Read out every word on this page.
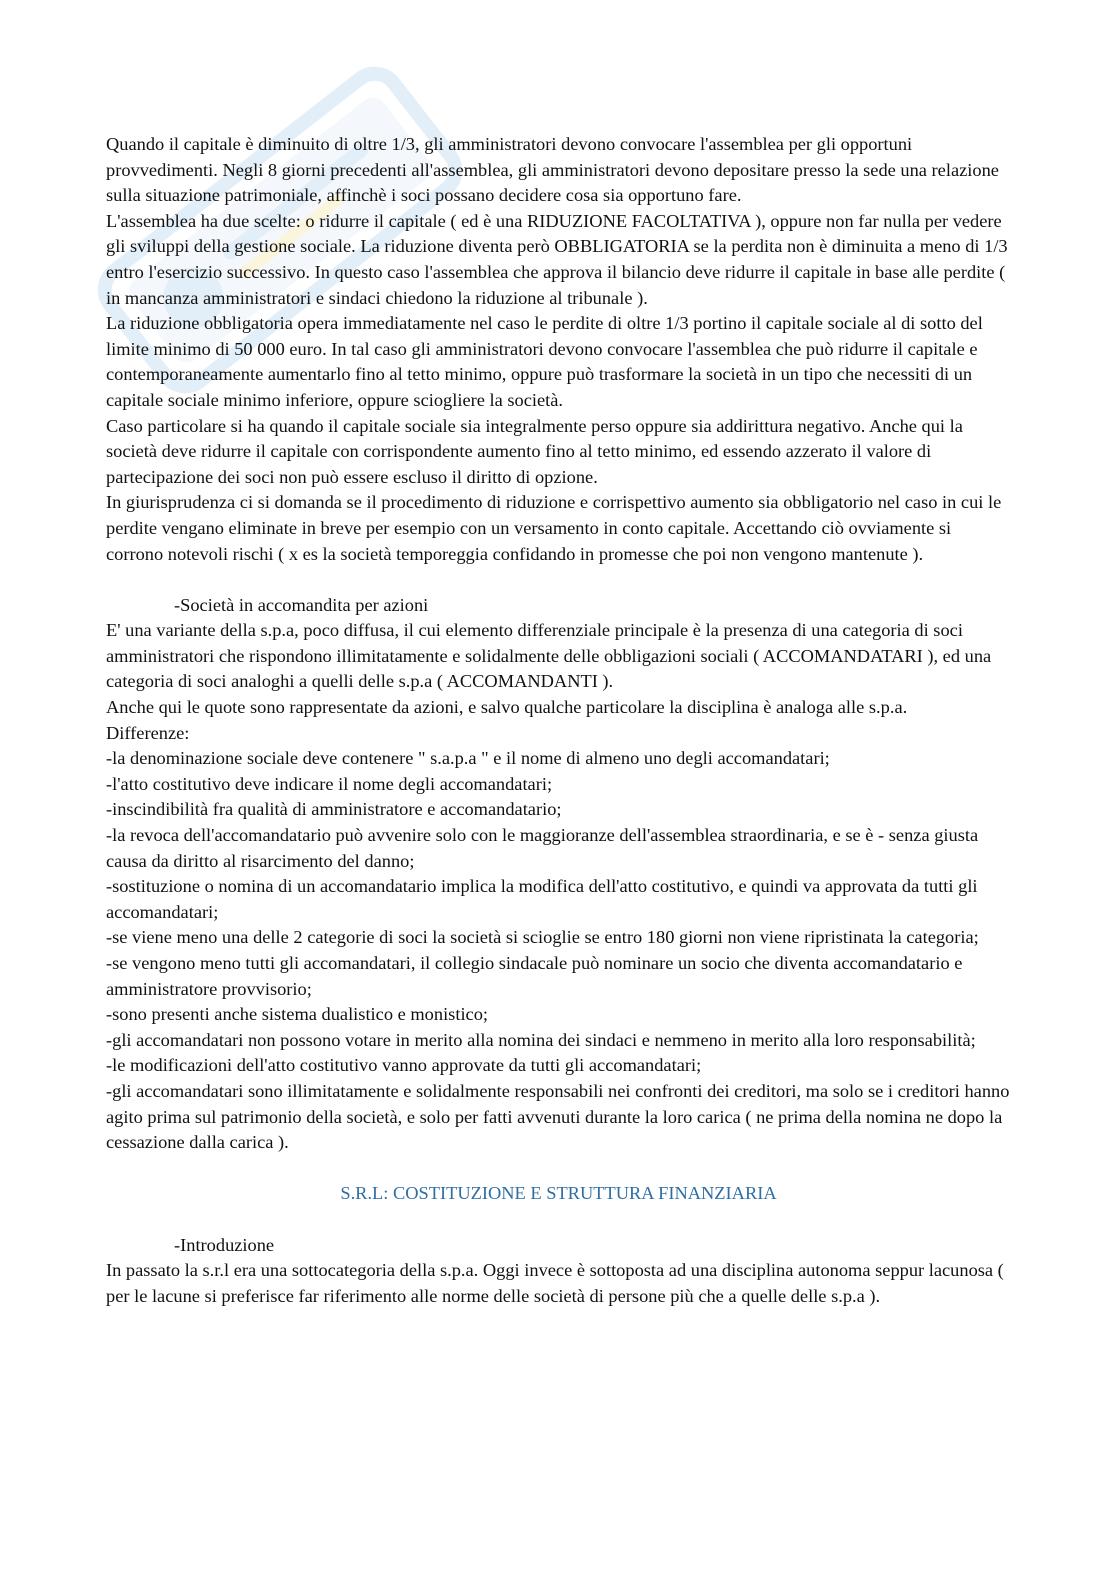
Quando il capitale è diminuito di oltre 1/3, gli amministratori devono convocare l'assemblea per gli opportuni provvedimenti. Negli 8 giorni precedenti all'assemblea, gli amministratori devono depositare presso la sede una relazione sulla situazione patrimoniale, affinchè i soci possano decidere cosa sia opportuno fare.

L'assemblea ha due scelte: o ridurre il capitale ( ed è una RIDUZIONE FACOLTATIVA ), oppure non far nulla per vedere gli sviluppi della gestione sociale. La riduzione diventa però OBBLIGATORIA se la perdita non è diminuita a meno di 1/3 entro l'esercizio successivo. In questo caso l'assemblea che approva il bilancio deve ridurre il capitale in base alle perdite ( in mancanza amministratori e sindaci chiedono la riduzione al tribunale ).

La riduzione obbligatoria opera immediatamente nel caso le perdite di oltre 1/3 portino il capitale sociale al di sotto del limite minimo di 50 000 euro. In tal caso gli amministratori devono convocare l'assemblea che può ridurre il capitale e contemporaneamente aumentarlo fino al tetto minimo, oppure può trasformare la società in un tipo che necessiti di un capitale sociale minimo inferiore, oppure sciogliere la società.

Caso particolare si ha quando il capitale sociale sia integralmente perso oppure sia addirittura negativo. Anche qui la società deve ridurre il capitale con corrispondente aumento fino al tetto minimo, ed essendo azzerato il valore di partecipazione dei soci non può essere escluso il diritto di opzione.

In giurisprudenza ci si domanda se il procedimento di riduzione e corrispettivo aumento sia obbligatorio nel caso in cui le perdite vengano eliminate in breve per esempio con un versamento in conto capitale. Accettando ciò ovviamente si corrono notevoli rischi ( x es la società temporeggia confidando in promesse che poi non vengono mantenute ).

-Società in accomandita per azioni

E' una variante della s.p.a, poco diffusa, il cui elemento differenziale principale è la presenza di una categoria di soci amministratori che rispondono illimitatamente e solidalmente delle obbligazioni sociali ( ACCOMANDATARI ), ed una categoria di soci analoghi a quelli delle s.p.a ( ACCOMANDANTI ).

Anche qui le quote sono rappresentate da azioni, e salvo qualche particolare la disciplina è analoga alle s.p.a.

Differenze:

-la denominazione sociale deve contenere " s.a.p.a " e il nome di almeno uno degli accomandatari;

-l'atto costitutivo deve indicare il nome degli accomandatari;

-inscindibilità fra qualità di amministratore e accomandatario;

-la revoca dell'accomandatario può avvenire solo con le maggioranze dell'assemblea straordinaria, e se è - senza giusta causa da diritto al risarcimento del danno;

-sostituzione o nomina di un accomandatario implica la modifica dell'atto costitutivo, e quindi va approvata da tutti gli accomandatari;

-se viene meno una delle 2 categorie di soci la società si scioglie se entro 180 giorni non viene ripristinata la categoria;

-se vengono meno tutti gli accomandatari, il collegio sindacale può nominare un socio che diventa accomandatario e amministratore provvisorio;

-sono presenti anche sistema dualistico e monistico;

-gli accomandatari non possono votare in merito alla nomina dei sindaci e nemmeno in merito alla loro responsabilità;

-le modificazioni dell'atto costitutivo vanno approvate da tutti gli accomandatari;

-gli accomandatari sono illimitatamente e solidalmente responsabili nei confronti dei creditori, ma solo se i creditori hanno agito prima sul patrimonio della società, e solo per fatti avvenuti durante la loro carica ( ne prima della nomina ne dopo la cessazione dalla carica ).

S.R.L: COSTITUZIONE E STRUTTURA FINANZIARIA

-Introduzione

In passato la s.r.l era una sottocategoria della s.p.a. Oggi invece è sottoposta ad una disciplina autonoma seppur lacunosa ( per le lacune si preferisce far riferimento alle norme delle società di persone più che a quelle delle s.p.a ).
